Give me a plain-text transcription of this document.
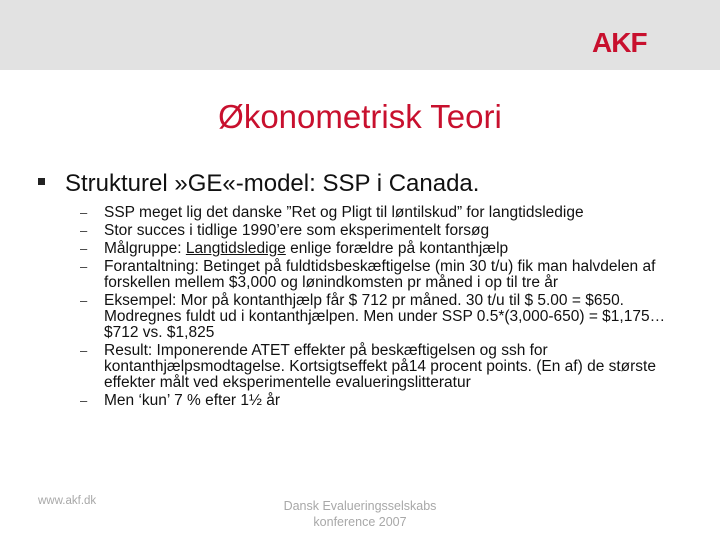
AKF
Økonometrisk Teori
Strukturel »GE«-model: SSP i Canada.
– SSP meget lig det danske ”Ret og Pligt til løntilskud” for langtidsledige
– Stor succes i tidlige 1990’ere som eksperimentelt forsøg
– Målgruppe: Langtidsledige enlige forældre på kontanthjælp
– Forantaltning: Betinget på fuldtidsbeskæftigelse (min 30 t/u) fik man halvdelen af forskellen mellem $3,000 og lønindkomsten pr måned i op til tre år
– Eksempel: Mor på kontanthjælp får $ 712 pr måned. 30 t/u til $ 5.00 = $650. Modregnes fuldt ud i kontanthjælpen. Men under SSP 0.5*(3,000-650) = $1,175… $712 vs. $1,825
– Result: Imponerende ATET effekter på beskæftigelsen og ssh for kontanthjælpsmodtagelse. Kortsigtseffekt på14 procent points. (En af) de største effekter målt ved eksperimentelle evalueringslitteratur
– Men ‘kun’ 7 % efter 1½ år
www.akf.dk	Dansk Evalueringsselskabs
konference 2007
